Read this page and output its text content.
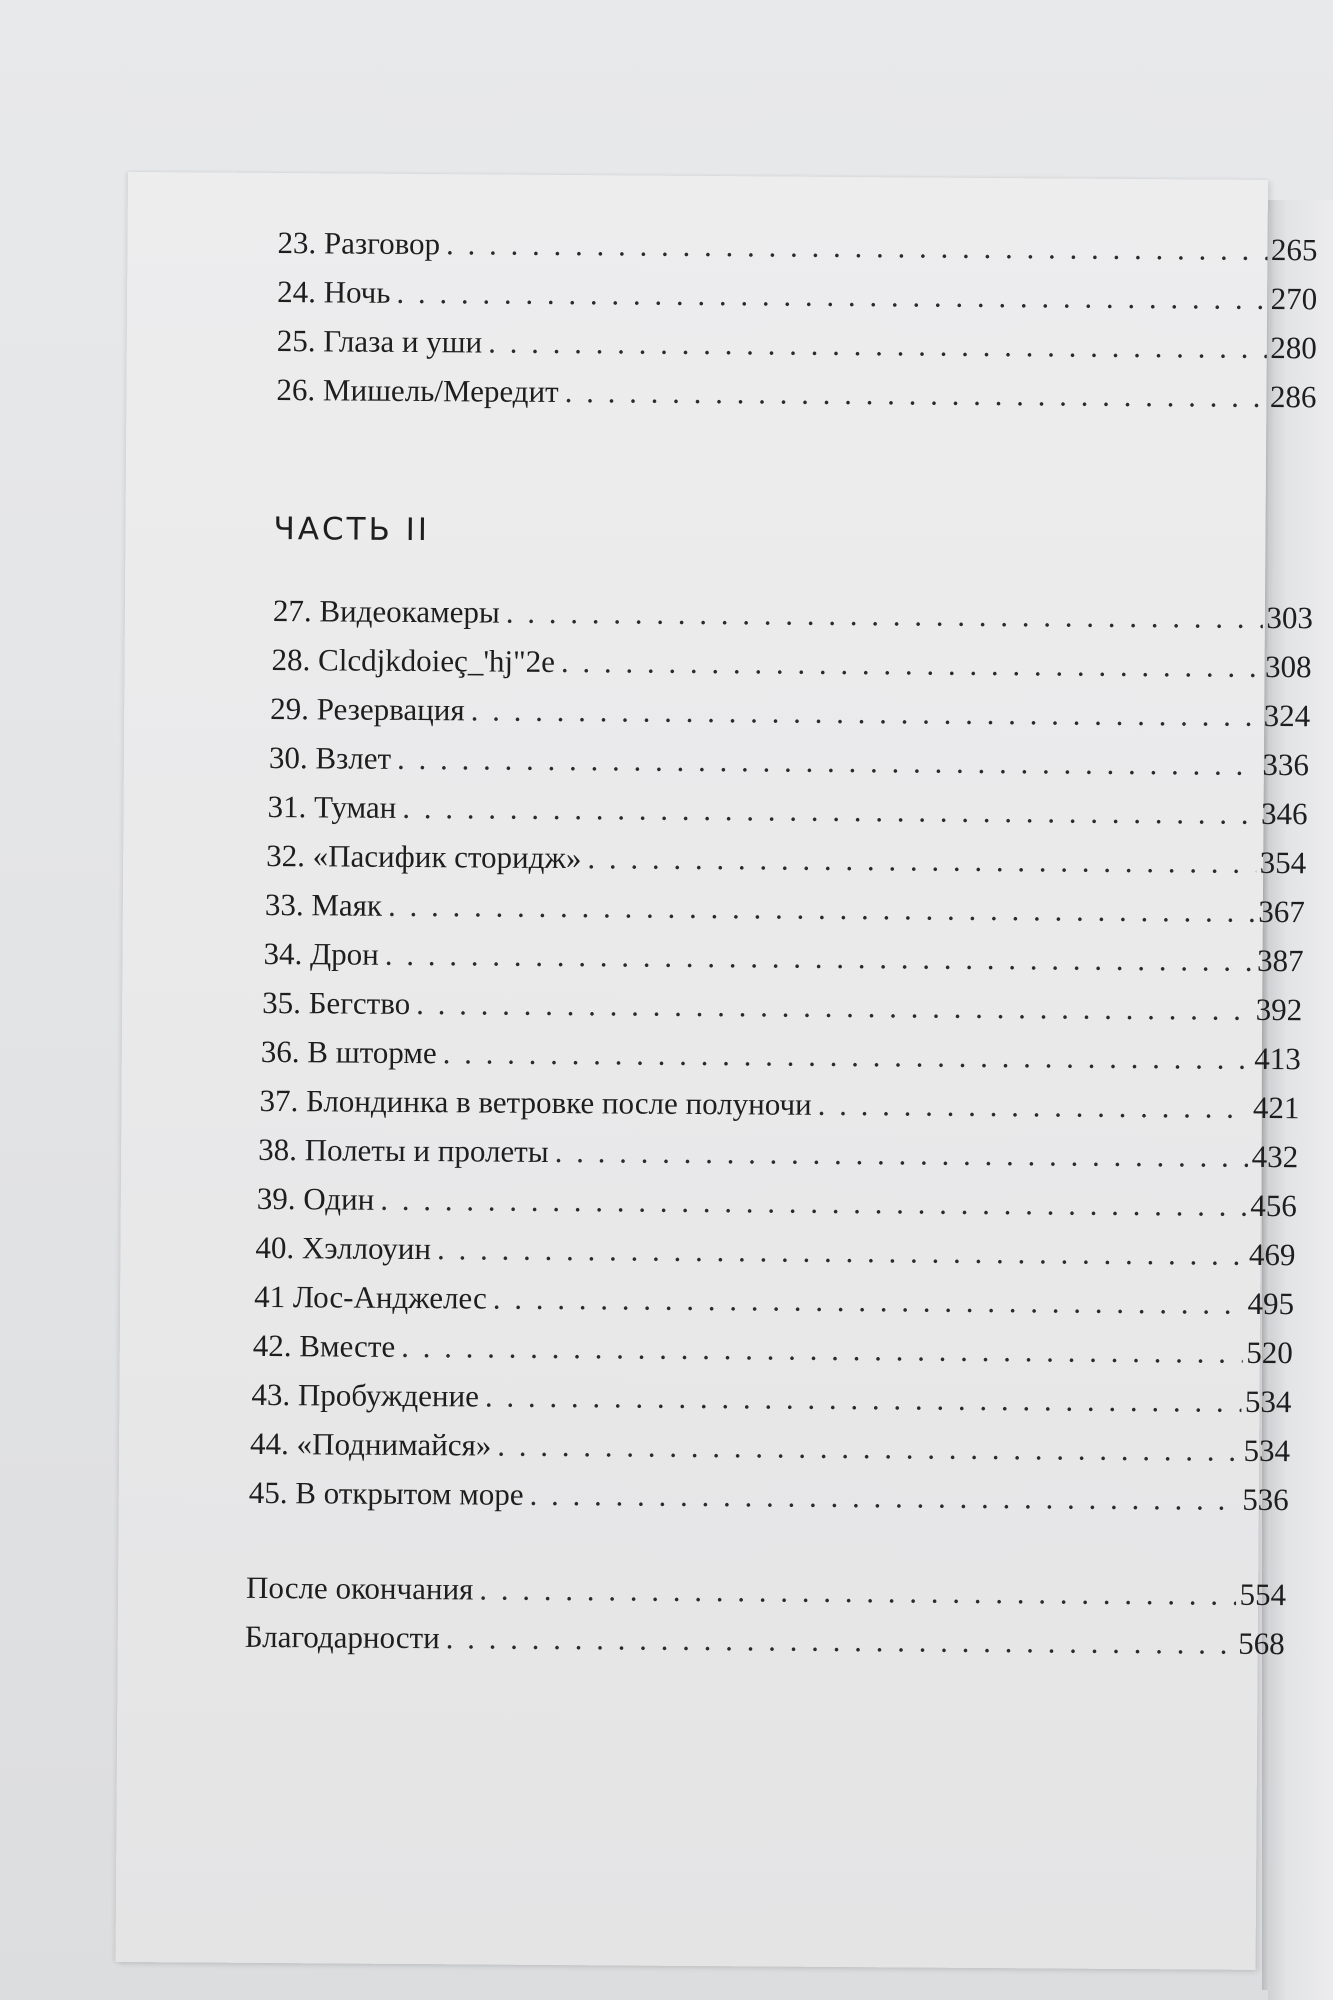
23. Разговор . . .	265
24. Ночь . . .	270
25. Глаза и уши . . .	280
26. Мишель/Мередит . . .	286
ЧАСТЬ II
27. Видеокамеры . . .	303
28. Clcdjkdoieç_'hj"2e . . .	308
29. Резервация . . .	324
30. Взлет . . .	336
31. Туман . . .	346
32. «Пасифик сторидж» . . .	354
33. Маяк . . .	367
34. Дрон . . .	387
35. Бегство . . .	392
36. В шторме . . .	413
37. Блондинка в ветровке после полуночи . . .	421
38. Полеты и пролеты . . .	432
39. Один . . .	456
40. Хэллоуин . . .	469
41 Лос-Анджелес . . .	495
42. Вместе . . .	520
43. Пробуждение . . .	534
44. «Поднимайся» . . .	534
45. В открытом море . . .	536
После окончания . . .	554
Благодарности . . .	568
